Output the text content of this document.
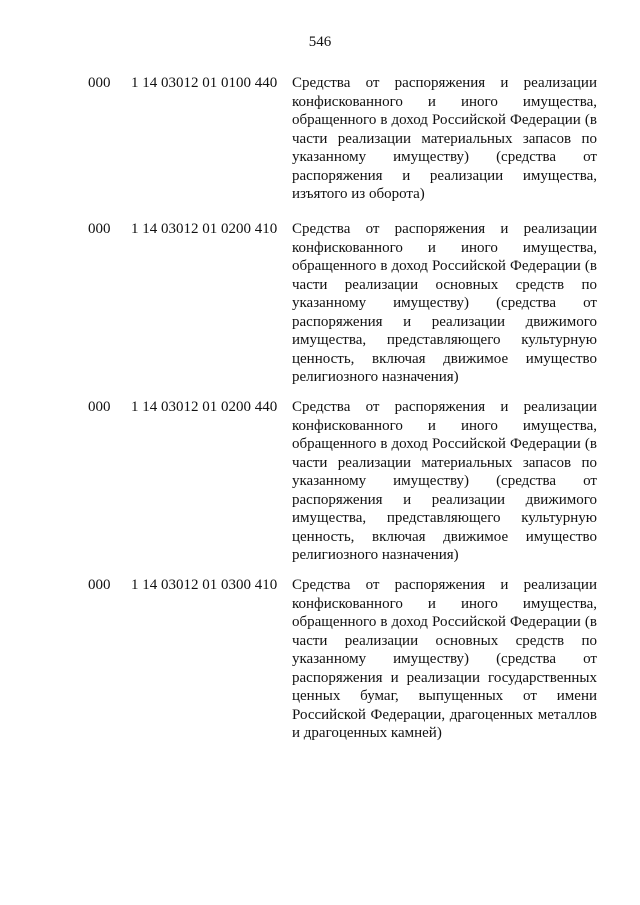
546
000 1 14 03012 01 0100 440 Средства от распоряжения и реализации конфискованного и иного имущества, обращенного в доход Российской Федерации (в части реализации материальных запасов по указанному имуществу) (средства от распоряжения и реализации имущества, изъятого из оборота)
000 1 14 03012 01 0200 410 Средства от распоряжения и реализации конфискованного и иного имущества, обращенного в доход Российской Федерации (в части реализации основных средств по указанному имуществу) (средства от распоряжения и реализации движимого имущества, представляющего культурную ценность, включая движимое имущество религиозного назначения)
000 1 14 03012 01 0200 440 Средства от распоряжения и реализации конфискованного и иного имущества, обращенного в доход Российской Федерации (в части реализации материальных запасов по указанному имуществу) (средства от распоряжения и реализации движимого имущества, представляющего культурную ценность, включая движимое имущество религиозного назначения)
000 1 14 03012 01 0300 410 Средства от распоряжения и реализации конфискованного и иного имущества, обращенного в доход Российской Федерации (в части реализации основных средств по указанному имуществу) (средства от распоряжения и реализации государственных ценных бумаг, выпущенных от имени Российской Федерации, драгоценных металлов и драгоценных камней)
